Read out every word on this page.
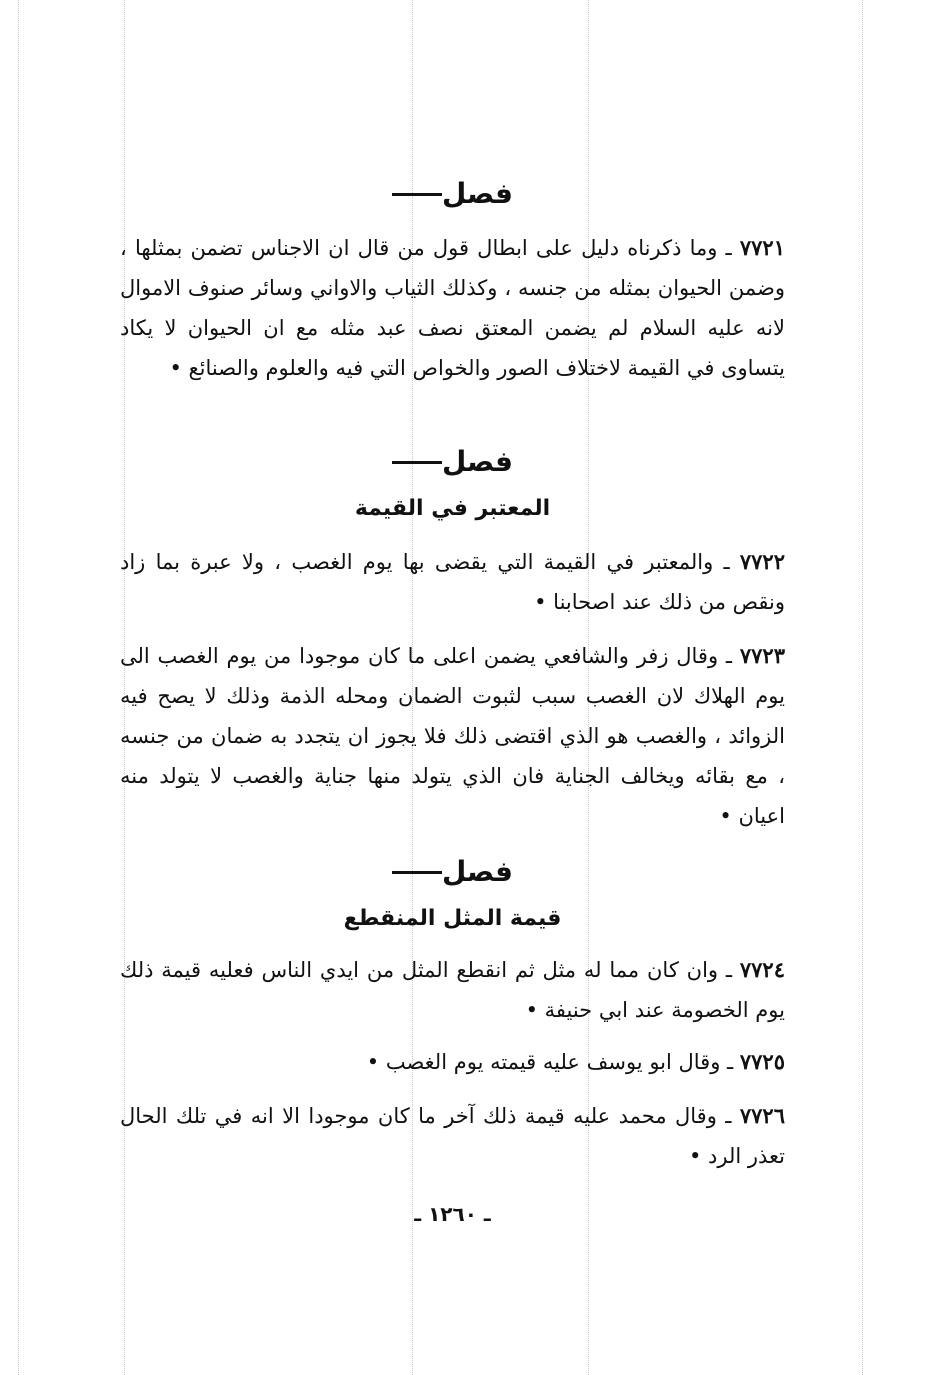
فصل
٧٧٢١ ـ وما ذكرناه دليل على ابطال قول من قال ان الاجناس تضمن بمثلها ، وضمن الحيوان بمثله من جنسه ، وكذلك الثياب والاواني وسائر صنوف الاموال لانه عليه السلام لم يضمن المعتق نصف عبد مثله مع ان الحيوان لا يكاد يتساوى في القيمة لاختلاف الصور والخواص التي فيه والعلوم والصنائع •
فصل
المعتبر في القيمة
٧٧٢٢ ـ والمعتبر في القيمة التي يقضى بها يوم الغصب ، ولا عبرة بما زاد ونقص من ذلك عند اصحابنا •
٧٧٢٣ ـ وقال زفر والشافعي يضمن اعلى ما كان موجودا من يوم الغصب الى يوم الهلاك لان الغصب سبب لثبوت الضمان ومحله الذمة وذلك لا يصح فيه الزوائد ، والغصب هو الذي اقتضى ذلك فلا يجوز ان يتجدد به ضمان من جنسه ، مع بقائه ويخالف الجناية فان الذي يتولد منها جناية والغصب لا يتولد منه اعيان •
فصل
قيمة المثل المنقطع
٧٧٢٤ ـ وان كان مما له مثل ثم انقطع المثل من ايدي الناس فعليه قيمة ذلك يوم الخصومة عند ابي حنيفة •
٧٧٢٥ ـ وقال ابو يوسف عليه قيمته يوم الغصب •
٧٧٢٦ ـ وقال محمد عليه قيمة ذلك آخر ما كان موجودا الا انه في تلك الحال تعذر الرد •
ـ ١٢٦٠ ـ
